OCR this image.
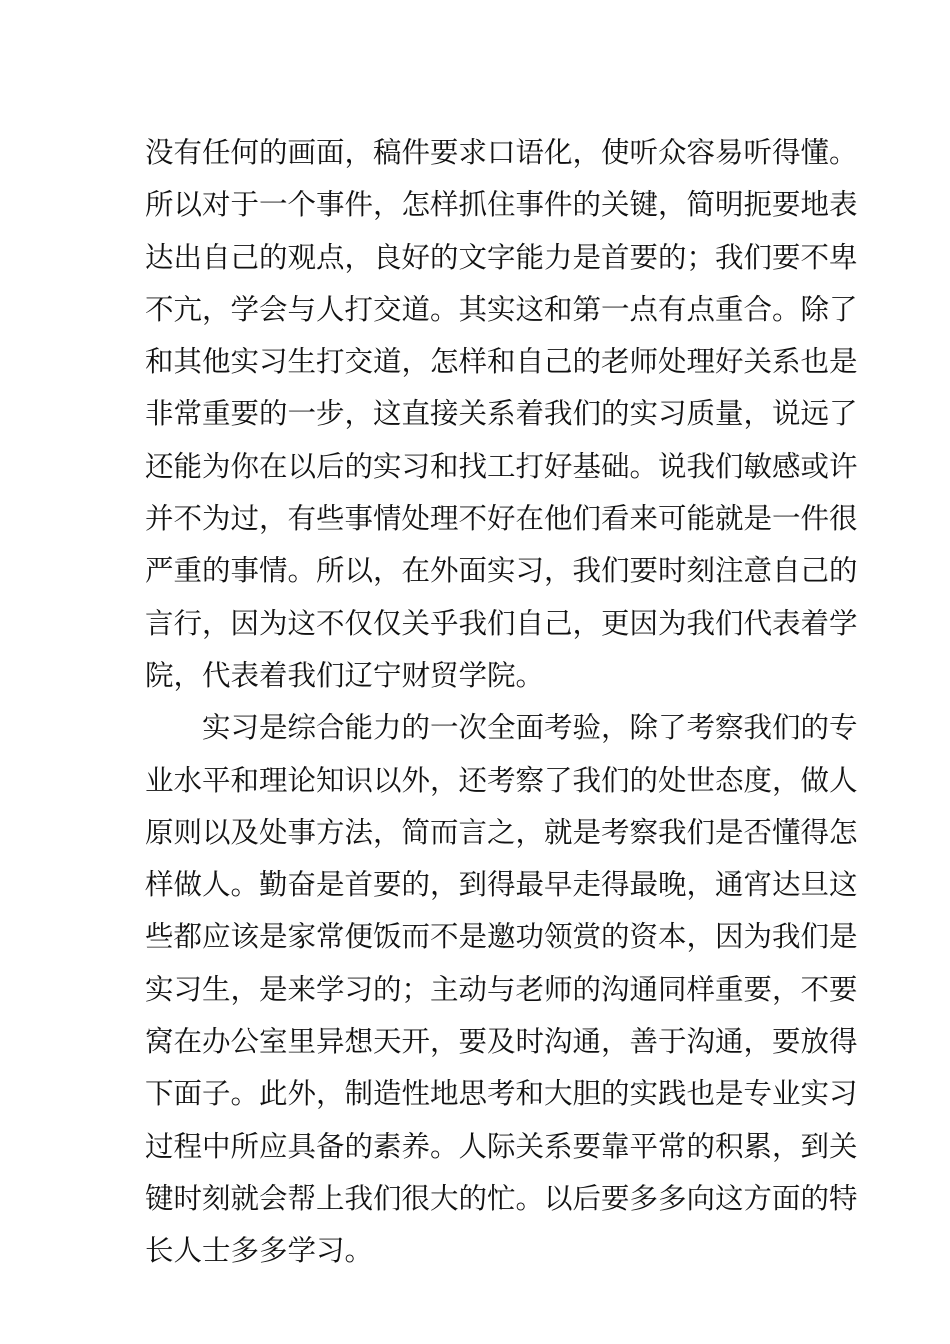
没有任何的画面，稿件要求口语化，使听众容易听得懂。
所以对于一个事件，怎样抓住事件的关键，简明扼要地表
达出自己的观点，良好的文字能力是首要的；我们要不卑
不亢，学会与人打交道。其实这和第一点有点重合。除了
和其他实习生打交道，怎样和自己的老师处理好关系也是
非常重要的一步，这直接关系着我们的实习质量，说远了
还能为你在以后的实习和找工打好基础。说我们敏感或许
并不为过，有些事情处理不好在他们看来可能就是一件很
严重的事情。所以，在外面实习，我们要时刻注意自己的
言行，因为这不仅仅关乎我们自己，更因为我们代表着学
院，代表着我们辽宁财贸学院。
实习是综合能力的一次全面考验，除了考察我们的专
业水平和理论知识以外，还考察了我们的处世态度，做人
原则以及处事方法，简而言之，就是考察我们是否懂得怎
样做人。勤奋是首要的，到得最早走得最晚，通宵达旦这
些都应该是家常便饭而不是邀功领赏的资本，因为我们是
实习生，是来学习的；主动与老师的沟通同样重要，不要
窝在办公室里异想天开，要及时沟通，善于沟通，要放得
下面子。此外，制造性地思考和大胆的实践也是专业实习
过程中所应具备的素养。人际关系要靠平常的积累，到关
键时刻就会帮上我们很大的忙。以后要多多向这方面的特
长人士多多学习。
